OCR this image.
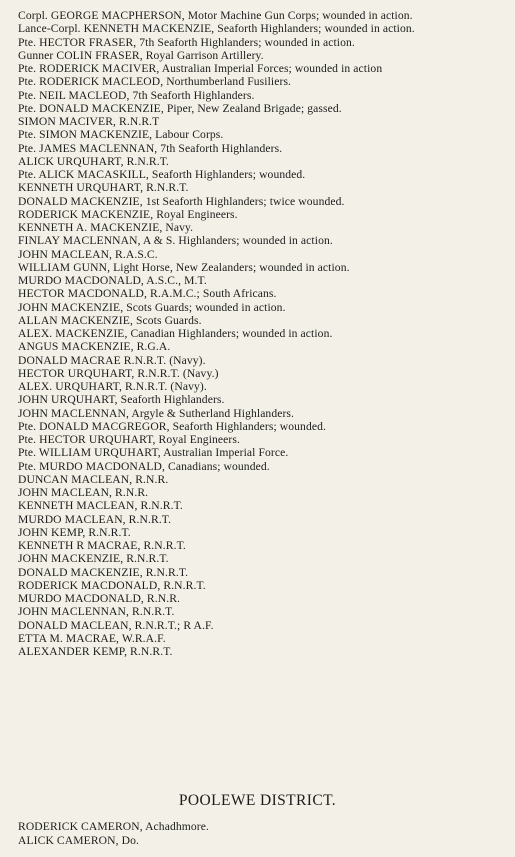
Corpl. GEORGE MACPHERSON, Motor Machine Gun Corps; wounded in action.
Lance-Corpl. KENNETH MACKENZIE, Seaforth Highlanders; wounded in action.
Pte. HECTOR FRASER, 7th Seaforth Highlanders; wounded in action.
Gunner COLIN FRASER, Royal Garrison Artillery.
Pte. RODERICK MACIVER, Australian Imperial Forces; wounded in action
Pte. RODERICK MACLEOD, Northumberland Fusiliers.
Pte. NEIL MACLEOD, 7th Seaforth Highlanders.
Pte. DONALD MACKENZIE, Piper, New Zealand Brigade; gassed.
SIMON MACIVER, R.N.R.T
Pte. SIMON MACKENZIE, Labour Corps.
Pte. JAMES MACLENNAN, 7th Seaforth Highlanders.
ALICK URQUHART, R.N.R.T.
Pte. ALICK MACASKILL, Seaforth Highlanders; wounded.
KENNETH URQUHART, R.N.R.T.
DONALD MACKENZIE, 1st Seaforth Highlanders; twice wounded.
RODERICK MACKENZIE, Royal Engineers.
KENNETH A. MACKENZIE, Navy.
FINLAY MACLENNAN, A & S. Highlanders; wounded in action.
JOHN MACLEAN, R.A.S.C.
WILLIAM GUNN, Light Horse, New Zealanders; wounded in action.
MURDO MACDONALD, A.S.C., M.T.
HECTOR MACDONALD, R.A.M.C.; South Africans.
JOHN MACKENZIE, Scots Guards; wounded in action.
ALLAN MACKENZIE, Scots Guards.
ALEX. MACKENZIE, Canadian Highlanders; wounded in action.
ANGUS MACKENZIE, R.G.A.
DONALD MACRAE R.N.R.T. (Navy).
HECTOR URQUHART, R.N.R.T. (Navy.)
ALEX. URQUHART, R.N.R.T. (Navy).
JOHN URQUHART, Seaforth Highlanders.
JOHN MACLENNAN, Argyle & Sutherland Highlanders.
Pte. DONALD MACGREGOR, Seaforth Highlanders; wounded.
Pte. HECTOR URQUHART, Royal Engineers.
Pte. WILLIAM URQUHART, Australian Imperial Force.
Pte. MURDO MACDONALD, Canadians; wounded.
DUNCAN MACLEAN, R.N.R.
JOHN MACLEAN, R.N.R.
KENNETH MACLEAN, R.N.R.T.
MURDO MACLEAN, R.N.R.T.
JOHN KEMP, R.N.R.T.
KENNETH R MACRAE, R.N.R.T.
JOHN MACKENZIE, R.N.R.T.
DONALD MACKENZIE, R.N.R.T.
RODERICK MACDONALD, R.N.R.T.
MURDO MACDONALD, R.N.R.
JOHN MACLENNAN, R.N.R.T.
DONALD MACLEAN, R.N.R.T.; R A.F.
ETTA M. MACRAE, W.R.A.F.
ALEXANDER KEMP, R.N.R.T.
POOLEWE DISTRICT.
RODERICK CAMERON, Achadhmore.
ALICK CAMERON, Do.
